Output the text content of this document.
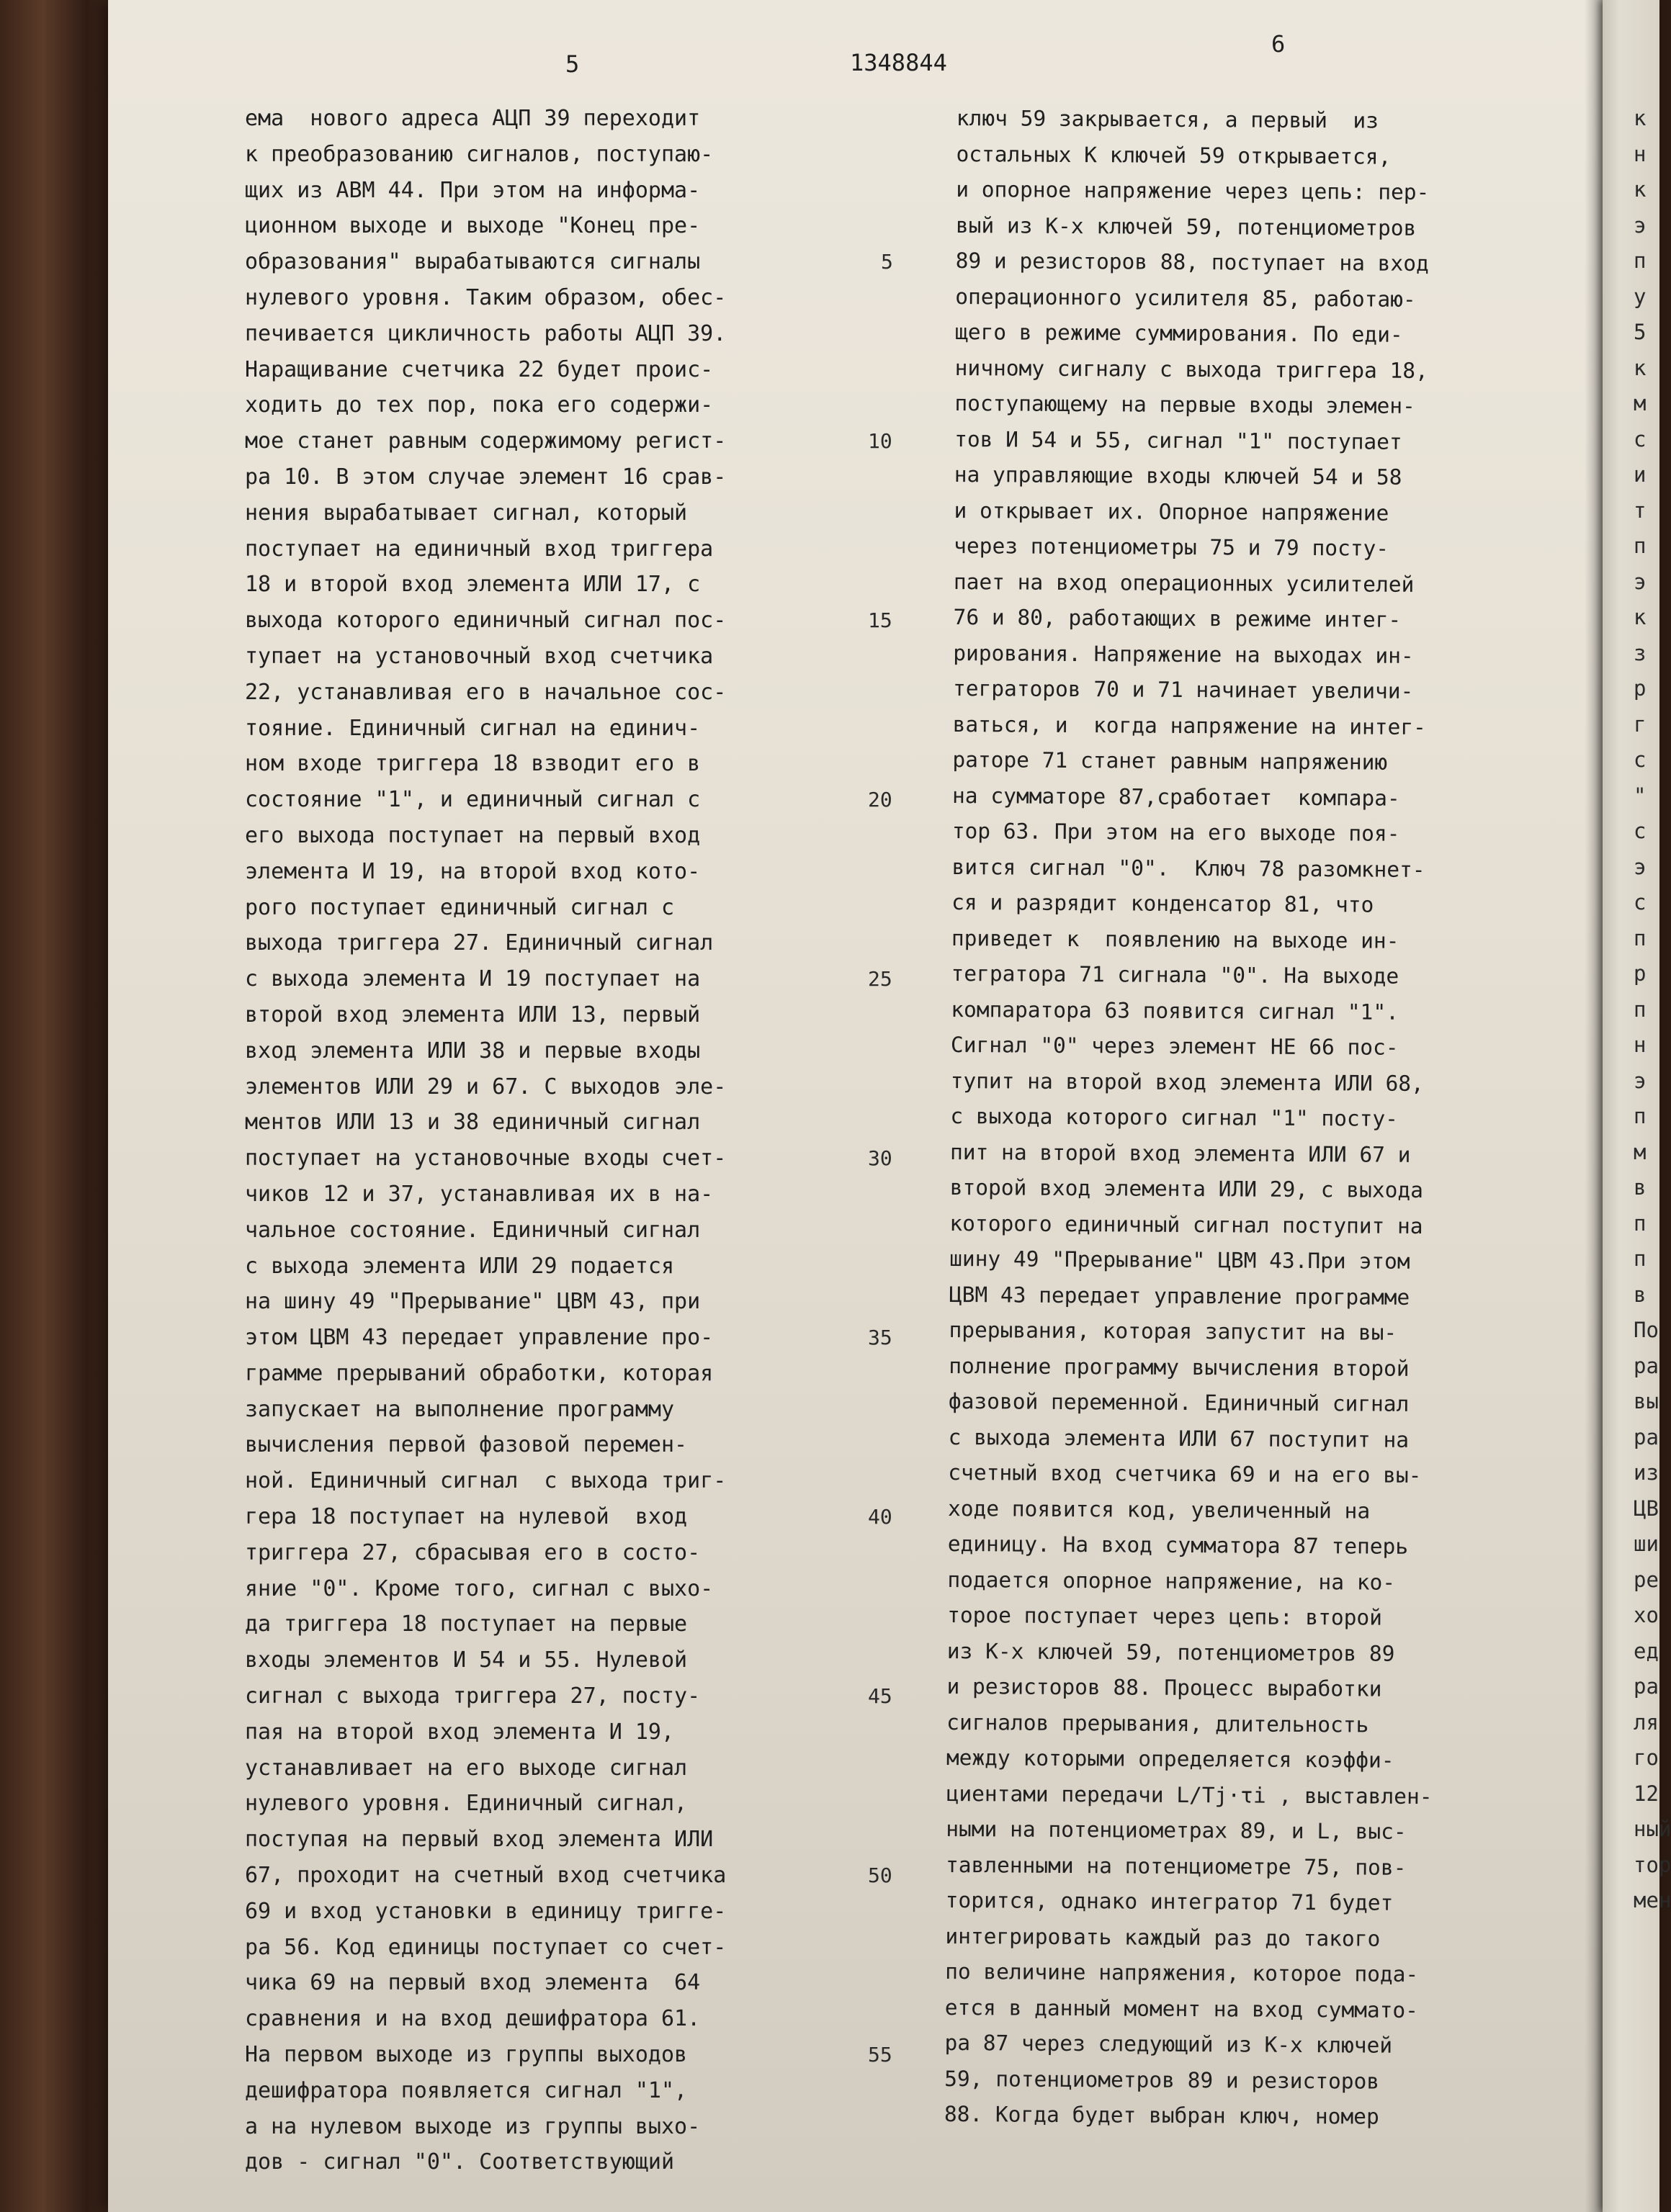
5	1348844
6
ема  нового адреса АЦП 39 переходит
к преобразованию сигналов, поступаю-
щих из АВМ 44. При этом на информа-
ционном выходе и выходе "Конец пре-
образования" вырабатываются сигналы
нулевого уровня. Таким образом, обес-
печивается цикличность работы АЦП 39.
Наращивание счетчика 22 будет проис-
ходить до тех пор, пока его содержи-
мое станет равным содержимому регист-
ра 10. В этом случае элемент 16 срав-
нения вырабатывает сигнал, который
поступает на единичный вход триггера
18 и второй вход элемента ИЛИ 17, с
выхода которого единичный сигнал пос-
тупает на установочный вход счетчика
22, устанавливая его в начальное сос-
тояние. Единичный сигнал на единич-
ном входе триггера 18 взводит его в
состояние "1", и единичный сигнал с
его выхода поступает на первый вход
элемента И 19, на второй вход кото-
рого поступает единичный сигнал с
выхода триггера 27. Единичный сигнал
с выхода элемента И 19 поступает на
второй вход элемента ИЛИ 13, первый
вход элемента ИЛИ 38 и первые входы
элементов ИЛИ 29 и 67. С выходов эле-
ментов ИЛИ 13 и 38 единичный сигнал
поступает на установочные входы счет-
чиков 12 и 37, устанавливая их в на-
чальное состояние. Единичный сигнал
с выхода элемента ИЛИ 29 подается
на шину 49 "Прерывание" ЦВМ 43, при
этом ЦВМ 43 передает управление про-
грамме прерываний обработки, которая
запускает на выполнение программу
вычисления первой фазовой перемен-
ной. Единичный сигнал  с выхода триг-
гера 18 поступает на нулевой  вход
триггера 27, сбрасывая его в состо-
яние "0". Кроме того, сигнал с выхо-
да триггера 18 поступает на первые
входы элементов И 54 и 55. Нулевой
сигнал с выхода триггера 27, посту-
пая на второй вход элемента И 19,
устанавливает на его выходе сигнал
нулевого уровня. Единичный сигнал,
поступая на первый вход элемента ИЛИ
67, проходит на счетный вход счетчика
69 и вход установки в единицу тригге-
ра 56. Код единицы поступает со счет-
чика 69 на первый вход элемента  64
сравнения и на вход дешифратора 61.
На первом выходе из группы выходов
дешифратора появляется сигнал "1",
а на нулевом выходе из группы выхо-
дов - сигнал "0". Соответствующий
ключ 59 закрывается, а первый  из
остальных К ключей 59 открывается,
и опорное напряжение через цепь: пер-
вый из К-х ключей 59, потенциометров
89 и резисторов 88, поступает на вход
операционного усилителя 85, работаю-
щего в режиме суммирования. По еди-
ничному сигналу с выхода триггера 18,
поступающему на первые входы элемен-
тов И 54 и 55, сигнал "1" поступает
на управляющие входы ключей 54 и 58
и открывает их. Опорное напряжение
через потенциометры 75 и 79 посту-
пает на вход операционных усилителей
76 и 80, работающих в режиме интег-
рирования. Напряжение на выходах ин-
теграторов 70 и 71 начинает увеличи-
ваться, и  когда напряжение на интег-
раторе 71 станет равным напряжению
на сумматоре 87,сработает  компара-
тор 63. При этом на его выходе поя-
вится сигнал "0".  Ключ 78 разомкнет-
ся и разрядит конденсатор 81, что
приведет к  появлению на выходе ин-
тегратора 71 сигнала "0". На выходе
компаратора 63 появится сигнал "1".
Сигнал "0" через элемент НЕ 66 пос-
тупит на второй вход элемента ИЛИ 68,
с выхода которого сигнал "1" посту-
пит на второй вход элемента ИЛИ 67 и
второй вход элемента ИЛИ 29, с выхода
которого единичный сигнал поступит на
шину 49 "Прерывание" ЦВМ 43.При этом
ЦВМ 43 передает управление программе
прерывания, которая запустит на вы-
полнение программу вычисления второй
фазовой переменной. Единичный сигнал
с выхода элемента ИЛИ 67 поступит на
счетный вход счетчика 69 и на его вы-
ходе появится код, увеличенный на
единицу. На вход сумматора 87 теперь
подается опорное напряжение, на ко-
торое поступает через цепь: второй
из К-х ключей 59, потенциометров 89
и резисторов 88. Процесс выработки
сигналов прерывания, длительность
между которыми определяется коэффи-
циентами передачи L/Tj·τi , выставлен-
ными на потенциометрах 89, и L, выс-
тавленными на потенциометре 75, пов-
торится, однако интегратор 71 будет
интегрировать каждый раз до такого
по величине напряжения, которое пода-
ется в данный момент на вход суммато-
ра 87 через следующий из К-х ключей
59, потенциометров 89 и резисторов
88. Когда будет выбран ключ, номер
5
10
15
20
25
30
35
40
45
50
55
к
н
к
э
п
у
5
к
м
с
и
т
п
э
к
з
р
г
с
"
с
э
с
п
р
п
н
э
п
м
в
п
п
в
По
ра
вы
ра
из
ЦВ
ши
ре
хо
ед
ра
ля
го
12
ный
тор
мен
